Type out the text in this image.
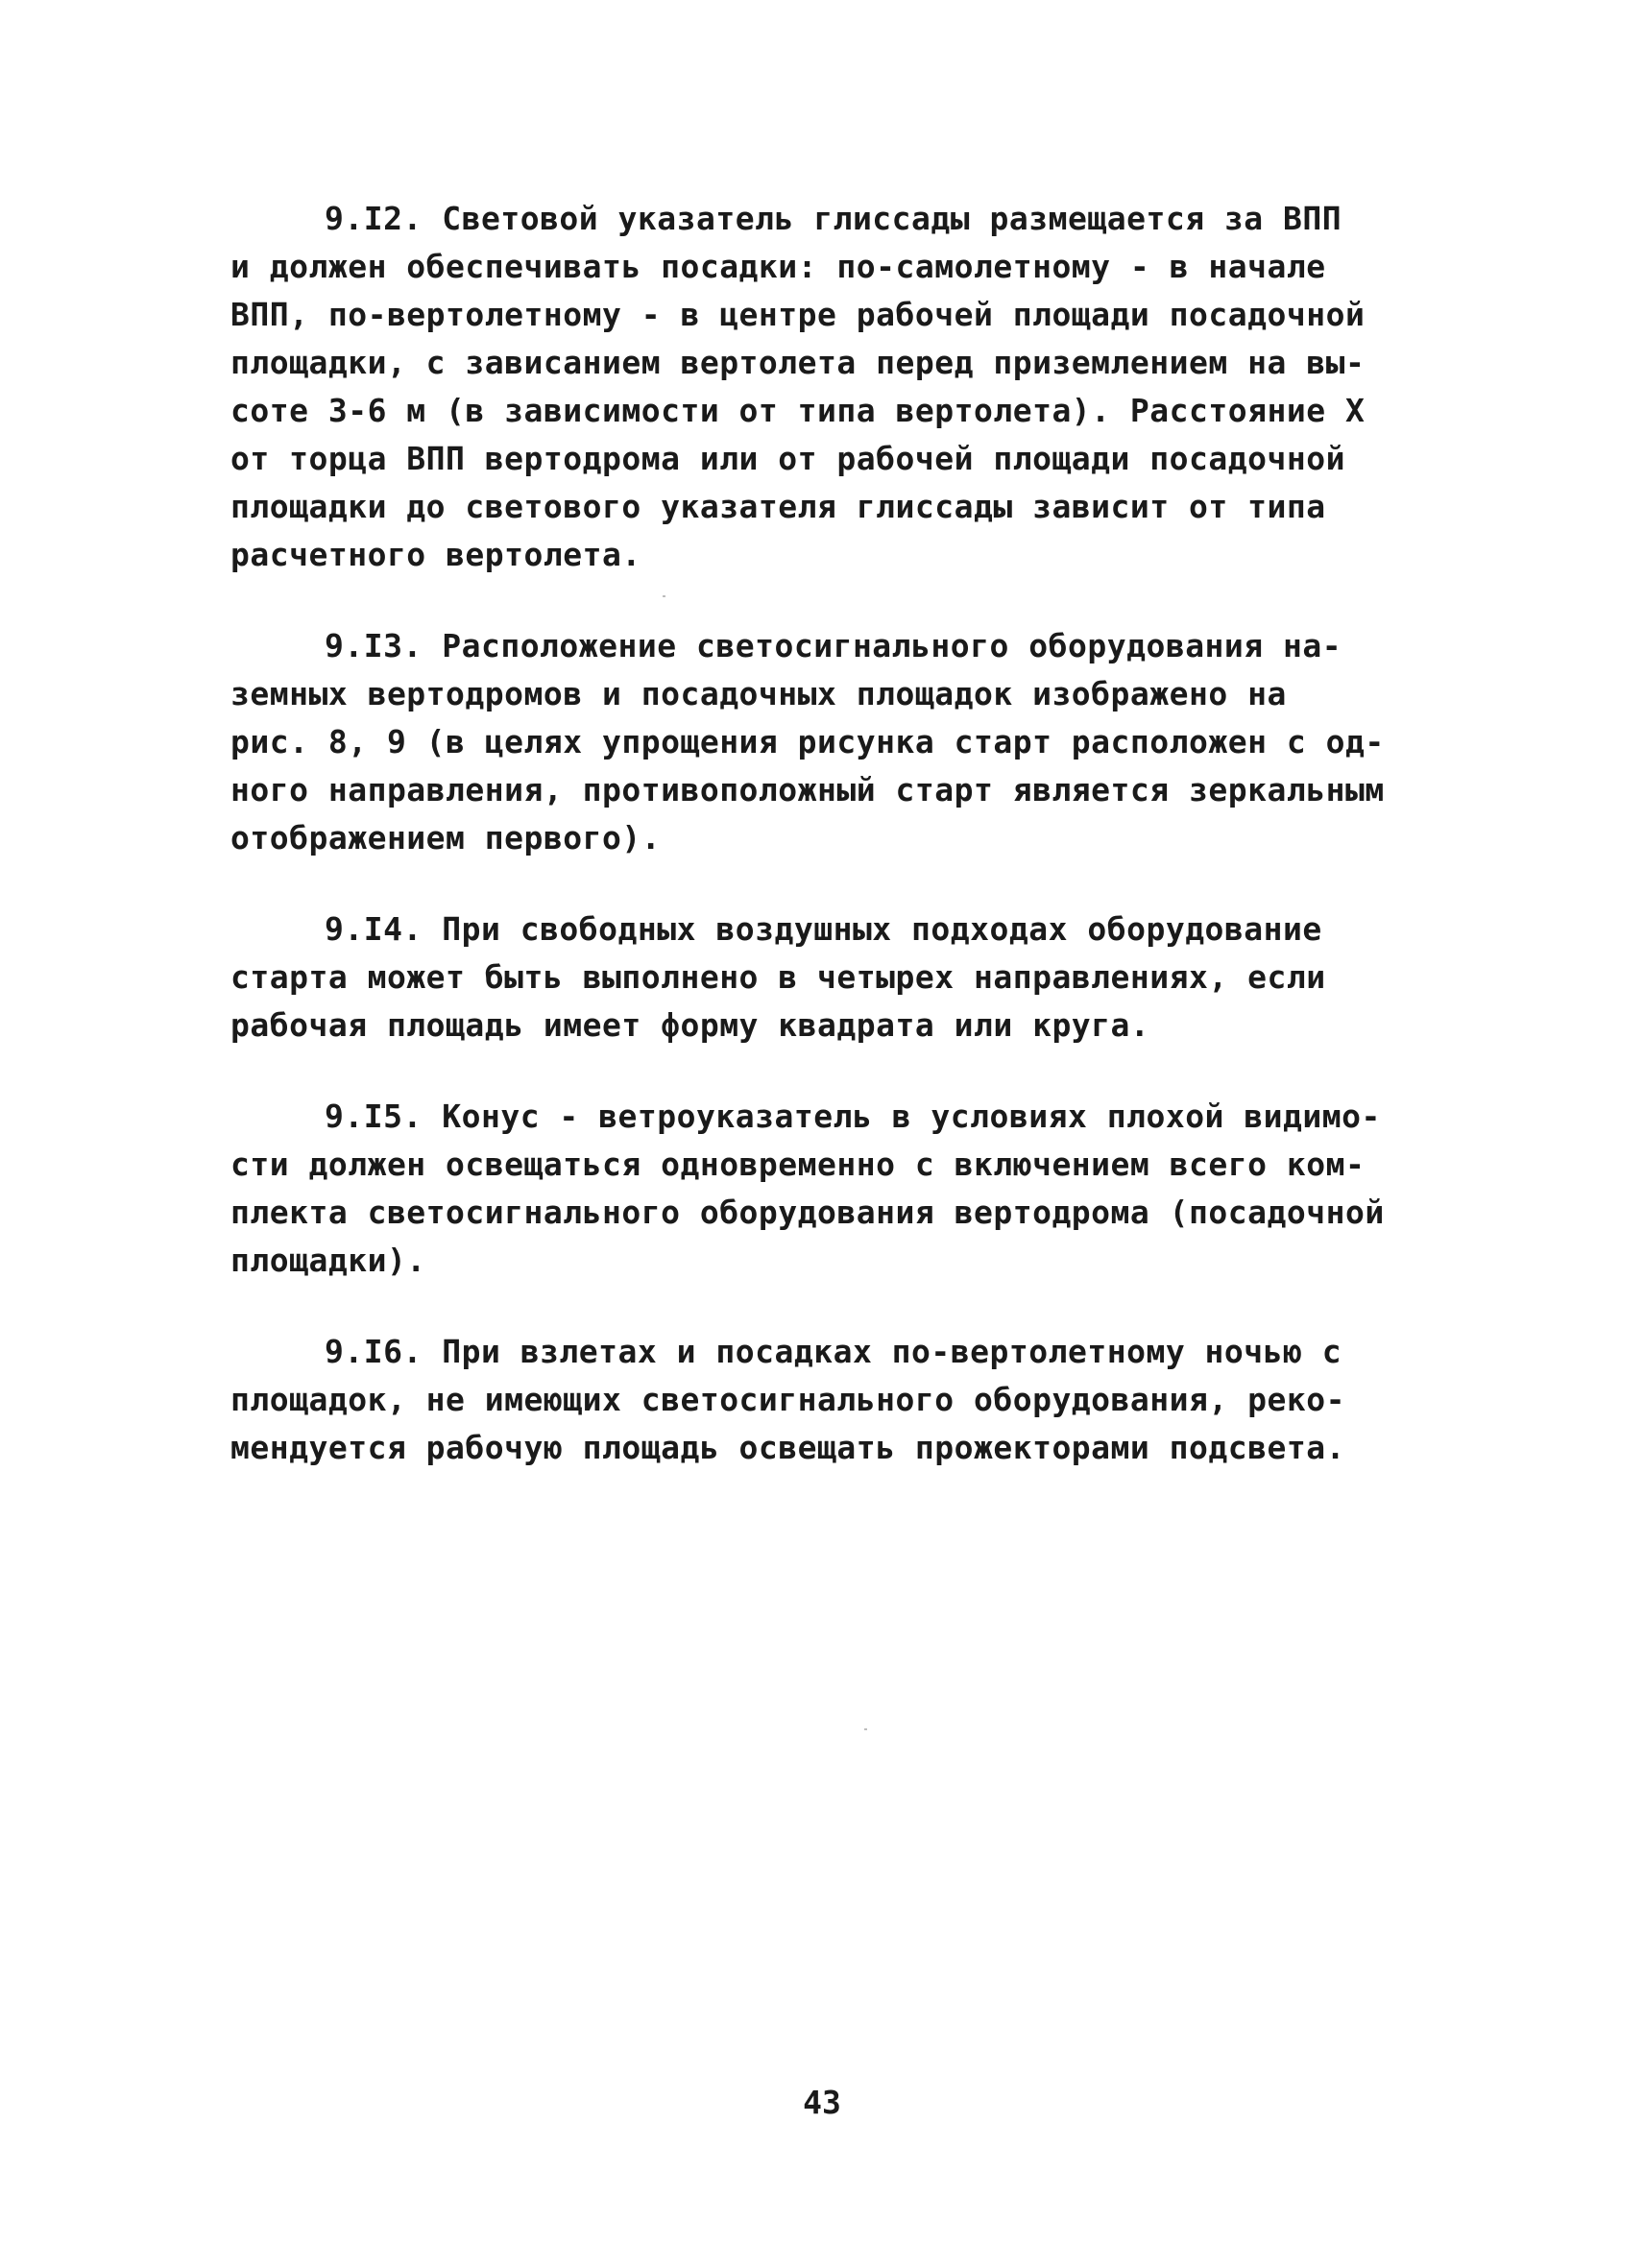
9.I2. Световой указатель глиссады размещается за ВПП
и должен обеспечивать посадки: по-самолетному - в начале
ВПП, по-вертолетному - в центре рабочей площади посадочной
площадки, с зависанием вертолета перед приземлением на вы-
соте 3-6 м (в зависимости от типа вертолета). Расстояние X
от торца ВПП вертодрома или от рабочей площади посадочной
площадки до светового указателя глиссады зависит от типа
расчетного вертолета.

9.I3. Расположение светосигнального оборудования на-
земных вертодромов и посадочных площадок изображено на
рис. 8, 9 (в целях упрощения рисунка старт расположен с од-
ного направления, противоположный старт является зеркальным
отображением первого).

9.I4. При свободных воздушных подходах оборудование
старта может быть выполнено в четырех направлениях, если
рабочая площадь имеет форму квадрата или круга.

9.I5. Конус - ветроуказатель в условиях плохой видимо-
сти должен освещаться одновременно с включением всего ком-
плекта светосигнального оборудования вертодрома (посадочной
площадки).

9.I6. При взлетах и посадках по-вертолетному ночью с
площадок, не имеющих светосигнального оборудования, реко-
мендуется рабочую площадь освещать прожекторами подсвета.

43
